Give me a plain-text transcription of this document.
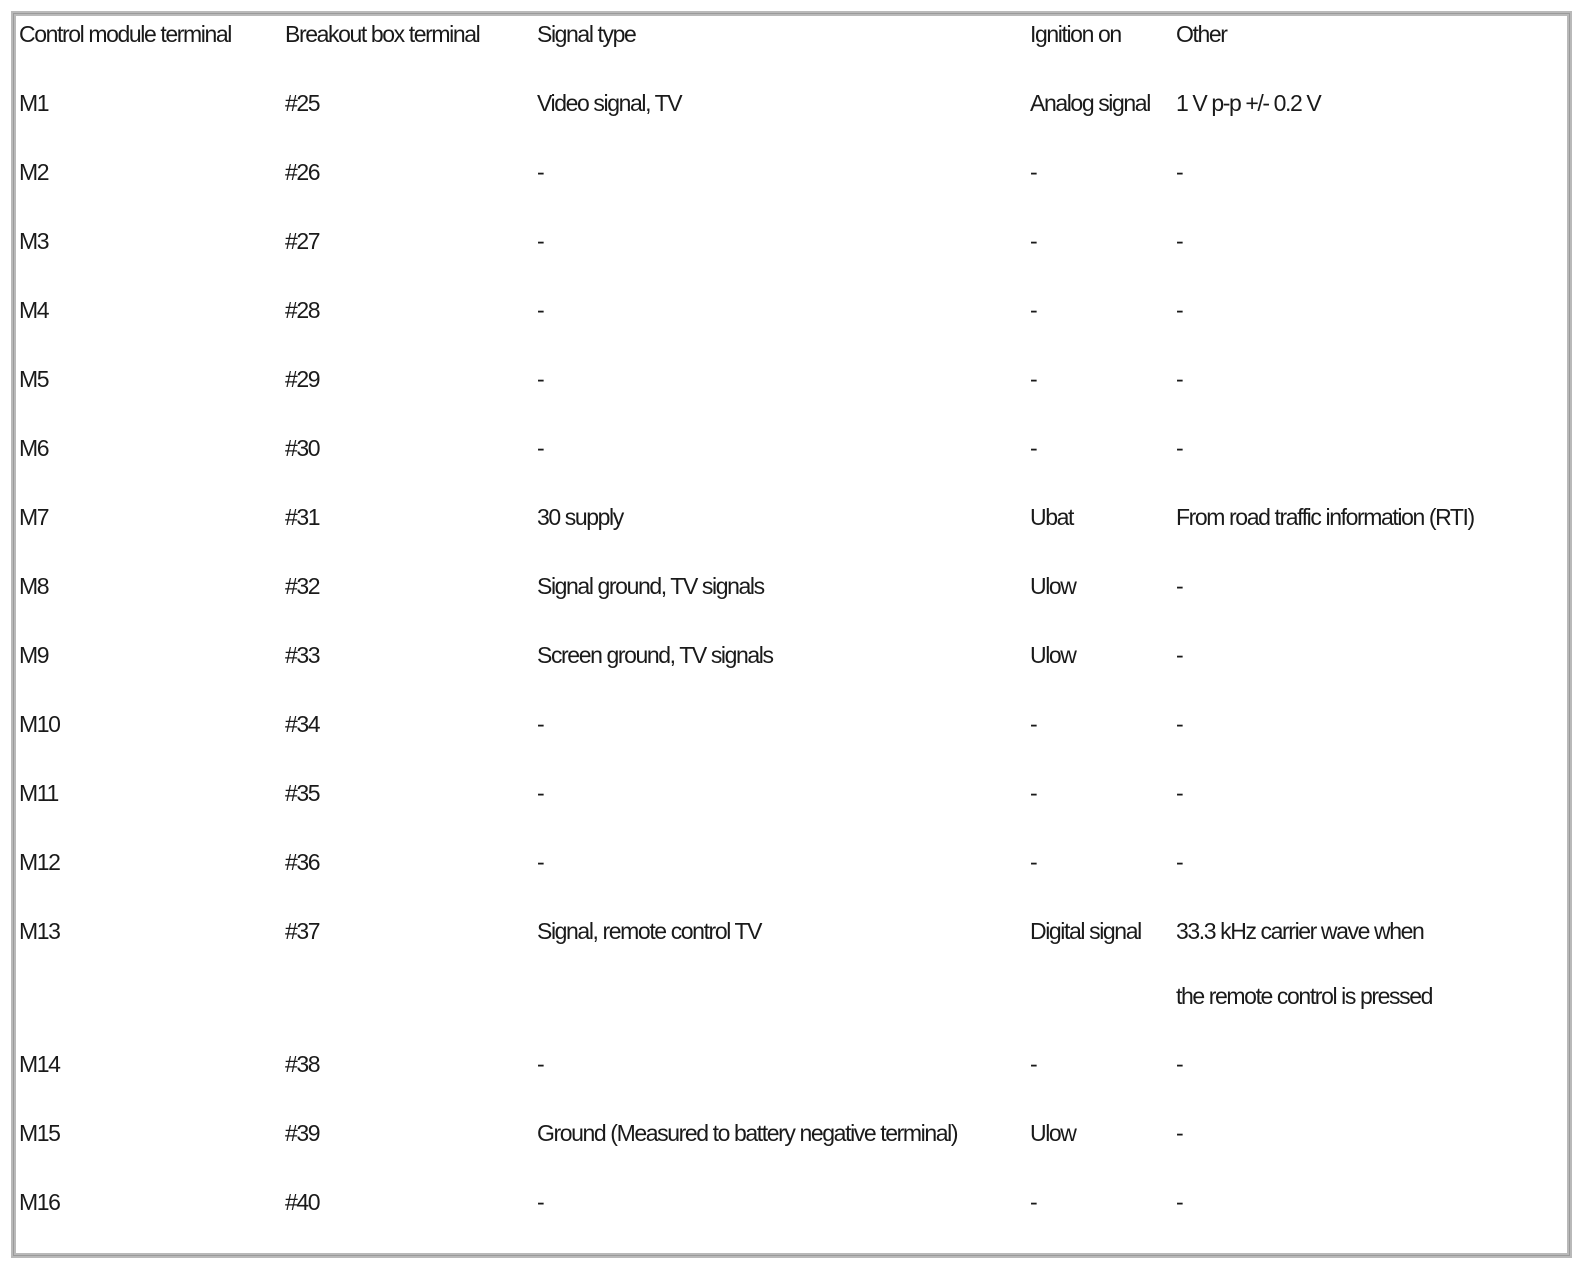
Control module terminal	Breakout box terminal	Signal type	Ignition on	Other
M1	#25	Video signal, TV	Analog signal	1 V p-p +/- 0.2 V
M2	#26	-	-	-
M3	#27	-	-	-
M4	#28	-	-	-
M5	#29	-	-	-
M6	#30	-	-	-
M7	#31	30 supply	Ubat	From road traffic information (RTI)
M8	#32	Signal ground, TV signals	Ulow	-
M9	#33	Screen ground, TV signals	Ulow	-
M10	#34	-	-	-
M11	#35	-	-	-
M12	#36	-	-	-
M13	#37	Signal, remote control TV	Digital signal	33.3 kHz carrier wave when
the remote control is pressed

M14	#38	-	-	-
M15	#39	Ground (Measured to battery negative terminal)	Ulow	-
M16	#40	-	-	-
